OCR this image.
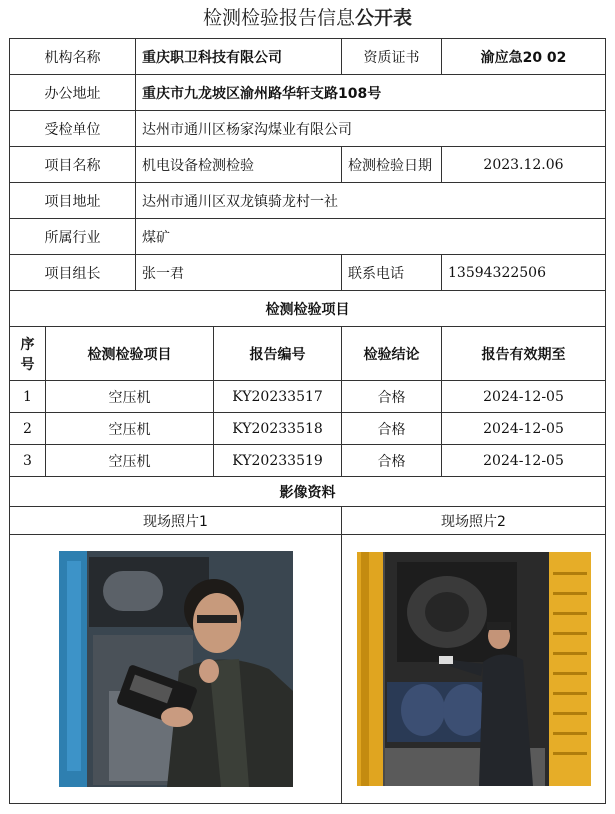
检测检验报告信息公开表
机构名称		重庆职卫科技有限公司		资质证书	渝应急20 02
办公地址		重庆市九龙坡区渝州路华轩支路108号			
受检单位		达州市通川区杨家沟煤业有限公司			
项目名称		机电设备检测检验		检测检验日期	2023.12.06
项目地址		达州市通川区双龙镇骑龙村一社			
所属行业		煤矿			
项目组长		张一君		联系电话	13594322506
检测检验项目					
序号	检测检验项目		报告编号	检验结论	报告有效期至
1	空压机		KY20233517	合格	2024-12-05
2	空压机		KY20233518	合格	2024-12-05
3	空压机		KY20233519	合格	2024-12-05
影像资料					
现场照片1				现场照片2	
